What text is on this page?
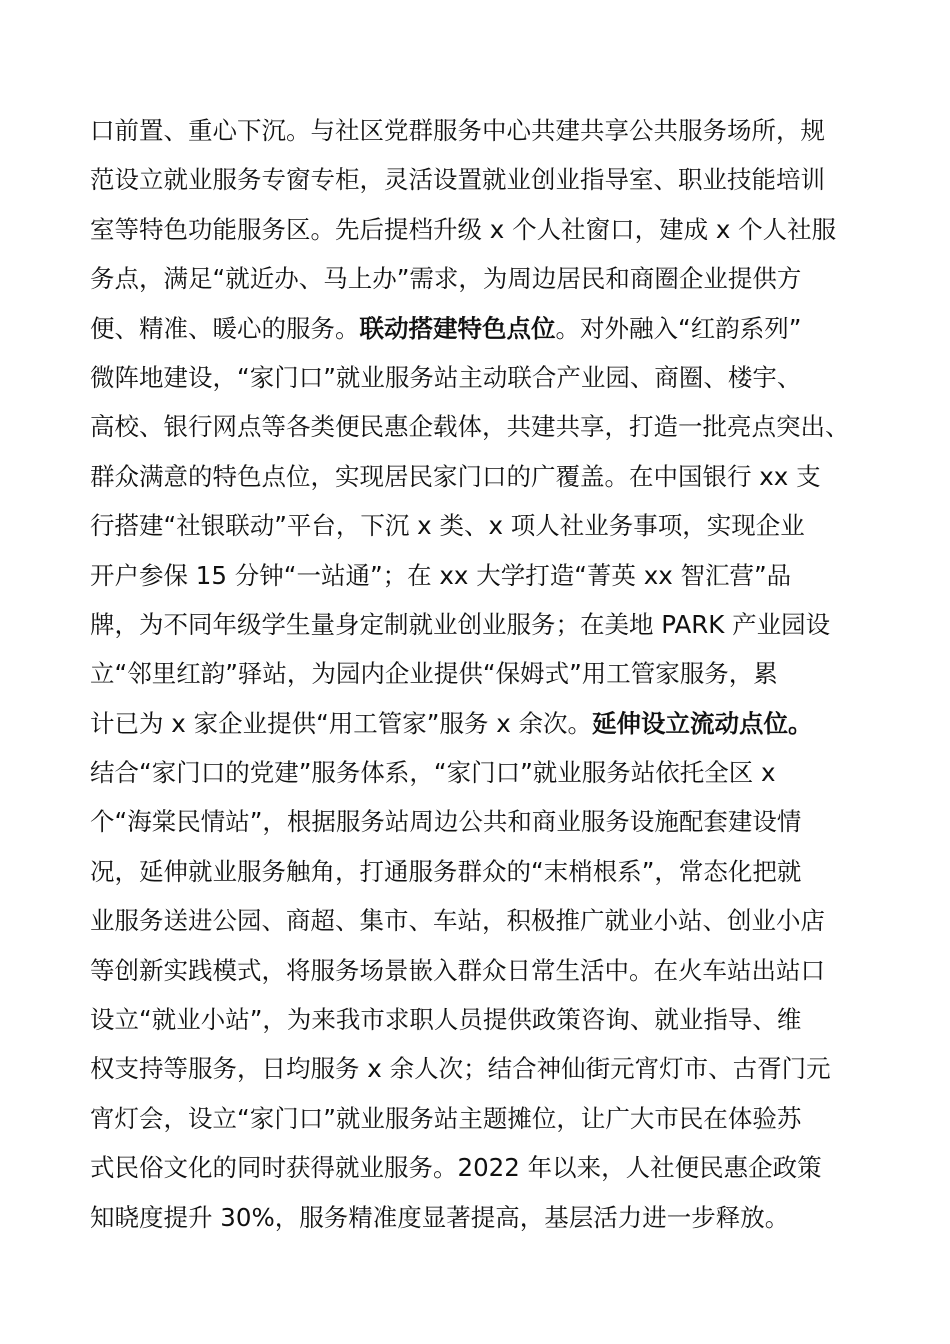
口前置、重心下沉。与社区党群服务中心共建共享公共服务场所，规
范设立就业服务专窗专柜，灵活设置就业创业指导室、职业技能培训
室等特色功能服务区。先后提档升级 x 个人社窗口，建成 x 个人社服
务点，满足“就近办、马上办”需求，为周边居民和商圈企业提供方
便、精准、暖心的服务。联动搭建特色点位。对外融入“红韵系列”
微阵地建设，“家门口”就业服务站主动联合产业园、商圈、楼宇、
高校、银行网点等各类便民惠企载体，共建共享，打造一批亮点突出、
群众满意的特色点位，实现居民家门口的广覆盖。在中国银行 xx 支
行搭建“社银联动”平台，下沉 x 类、x 项人社业务事项，实现企业
开户参保 15 分钟“一站通”；在 xx 大学打造“菁英 xx 智汇营”品
牌，为不同年级学生量身定制就业创业服务；在美地 PARK 产业园设
立“邻里红韵”驿站，为园内企业提供“保姆式”用工管家服务，累
计已为 x 家企业提供“用工管家”服务 x 余次。延伸设立流动点位。
结合“家门口的党建”服务体系，“家门口”就业服务站依托全区 x
个“海棠民情站”，根据服务站周边公共和商业服务设施配套建设情
况，延伸就业服务触角，打通服务群众的“末梢根系”，常态化把就
业服务送进公园、商超、集市、车站，积极推广就业小站、创业小店
等创新实践模式，将服务场景嵌入群众日常生活中。在火车站出站口
设立“就业小站”，为来我市求职人员提供政策咨询、就业指导、维
权支持等服务，日均服务 x 余人次；结合神仙街元宵灯市、古胥门元
宵灯会，设立“家门口”就业服务站主题摊位，让广大市民在体验苏
式民俗文化的同时获得就业服务。2022 年以来，人社便民惠企政策
知晓度提升 30%，服务精准度显著提高，基层活力进一步释放。
